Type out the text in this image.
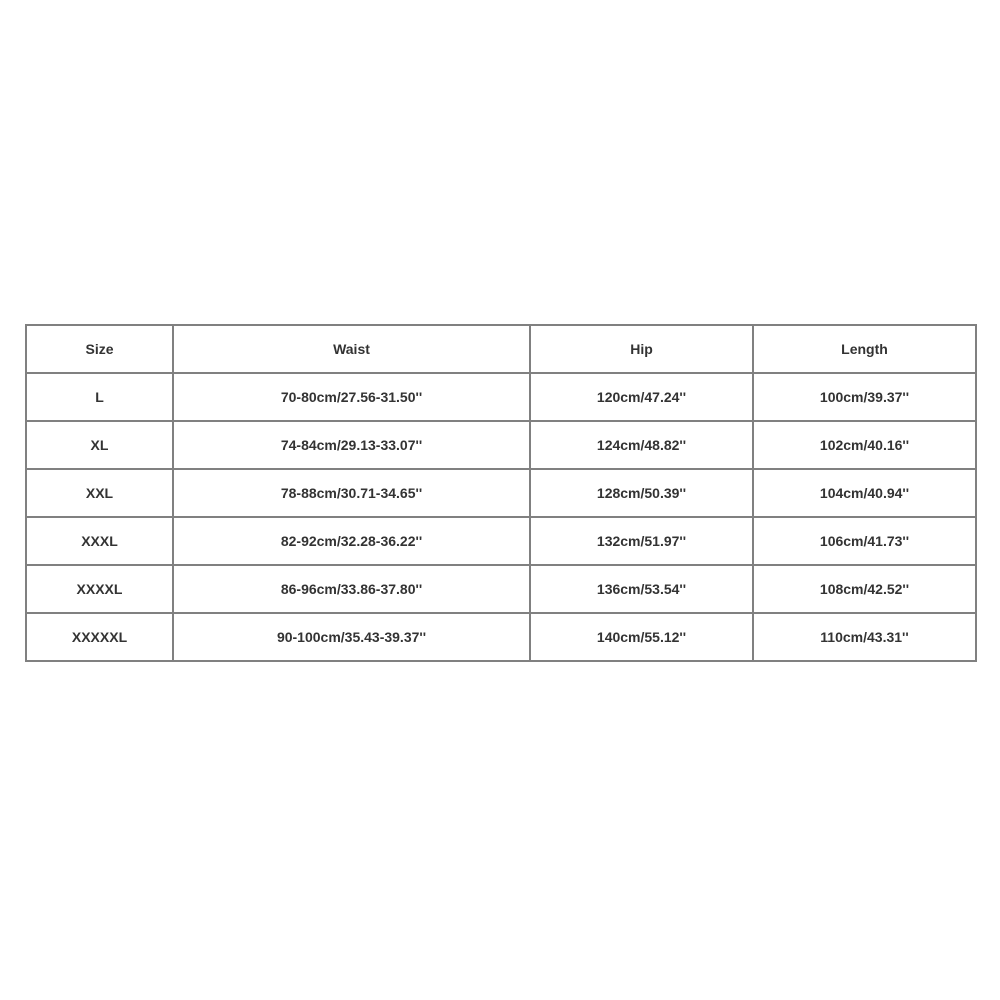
Size	Waist	Hip	Length
L	70-80cm/27.56-31.50''	120cm/47.24''	100cm/39.37''
XL	74-84cm/29.13-33.07''	124cm/48.82''	102cm/40.16''
XXL	78-88cm/30.71-34.65''	128cm/50.39''	104cm/40.94''
XXXL	82-92cm/32.28-36.22''	132cm/51.97''	106cm/41.73''
XXXXL	86-96cm/33.86-37.80''	136cm/53.54''	108cm/42.52''
XXXXXL	90-100cm/35.43-39.37''	140cm/55.12''	110cm/43.31''
